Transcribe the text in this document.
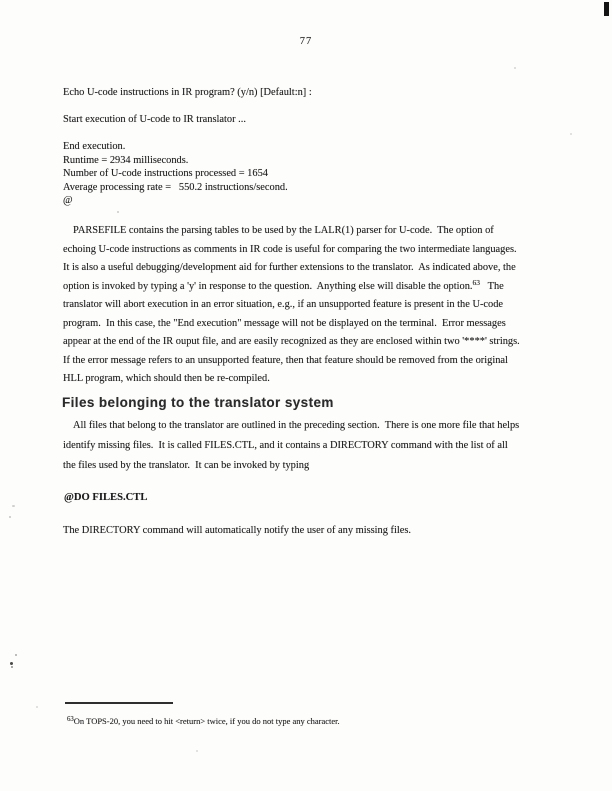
77
Echo U-code instructions in IR program? (y/n) [Default:n] :
Start execution of U-code to IR translator ...
End execution.
Runtime = 2934 milliseconds.
Number of U-code instructions processed = 1654
Average processing rate =   550.2 instructions/second.
@
PARSEFILE contains the parsing tables to be used by the LALR(1) parser for U-code.  The option of
echoing U-code instructions as comments in IR code is useful for comparing the two intermediate languages.
It is also a useful debugging/development aid for further extensions to the translator.  As indicated above, the
option is invoked by typing a 'y' in response to the question.  Anything else will disable the option.$^{63}$   The
translator will abort execution in an error situation, e.g., if an unsupported feature is present in the U-code
program.  In this case, the "End execution" message will not be displayed on the terminal.  Error messages
appear at the end of the IR ouput file, and are easily recognized as they are enclosed within two '****' strings.
If the error message refers to an unsupported feature, then that feature should be removed from the original
HLL program, which should then be re-compiled.
Files belonging to the translator system
All files that belong to the translator are outlined in the preceding section.  There is one more file that helps
identify missing files.  It is called FILES.CTL, and it contains a DIRECTORY command with the list of all
the files used by the translator.  It can be invoked by typing
@DO FILES.CTL
The DIRECTORY command will automatically notify the user of any missing files.
$^{63}$On TOPS-20, you need to hit <return> twice, if you do not type any character.
